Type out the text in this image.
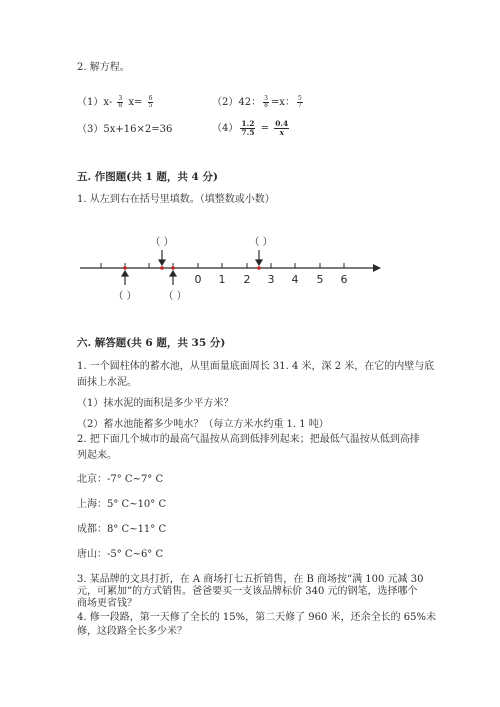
2. 解方程。
$(1)x- \frac{3}{8} x= \frac{6}{5}$	（2）42： $\frac{3}{8} =x$： $\frac{5}{7}$
（3）5x+16×2=36	$(4) \frac{1.2}{7.5} = \frac{0.4}{x}$
五. 作图题(共 1 题，共 4 分)
1. 从左到右在括号里填数。（填整数或小数）
0 1 2 3 4 5 6
（ ）	（ ）
（ ）	（ ）
六. 解答题(共 6 题，共 35 分)
1. 一个圆柱体的蓄水池，从里面量底面周长 31. 4 米，深 2 米，在它的内壁与底
面抹上水泥。
（1）抹水泥的面积是多少平方米？
（2）蓄水池能蓄多少吨水？（每立方米水约重 1. 1 吨）
2. 把下面几个城市的最高气温按从高到低排列起来；把最低气温按从低到高排
列起来。
北京：-7° C~7° C
上海：5° C~10° C
成都：8° C~11° C
唐山：-5° C~6° C
3. 某品牌的文具打折，在 A 商场打七五折销售，在 B 商场按“满 100 元减 30
元，可累加”的方式销售。爸爸要买一支该品牌标价 340 元的钢笔，选择哪个
商场更省钱？
4. 修一段路，第一天修了全长的 15%，第二天修了 960 米，还余全长的 65%未
修，这段路全长多少米？
